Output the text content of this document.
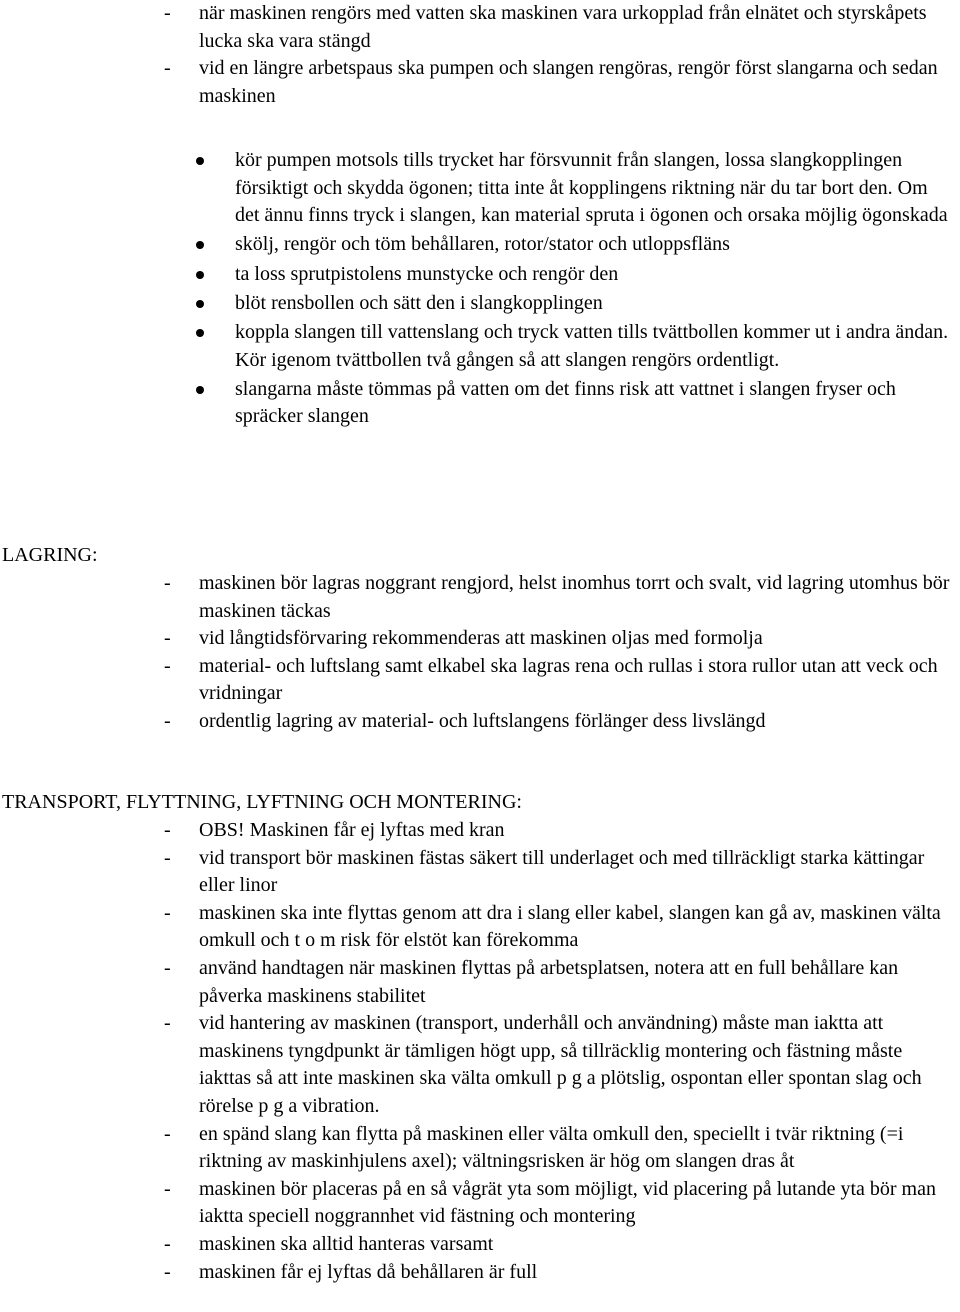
- när maskinen rengörs med vatten ska maskinen vara urkopplad från elnätet och styrskåpets lucka ska vara stängd
- vid en längre arbetspaus ska pumpen och slangen rengöras, rengör först slangarna och sedan maskinen
kör pumpen motsols tills trycket har försvunnit från slangen, lossa slangkopplingen försiktigt och skydda ögonen; titta inte åt kopplingens riktning när du tar bort den. Om det ännu finns tryck i slangen, kan material spruta i ögonen och orsaka möjlig ögonskada
skölj, rengör och töm behållaren, rotor/stator och utloppsfläns
ta loss sprutpistolens munstycke och rengör den
blöt rensbollen och sätt den i slangkopplingen
koppla slangen till vattenslang och tryck vatten tills tvättbollen kommer ut i andra ändan. Kör igenom tvättbollen två gången så att slangen rengörs ordentligt.
slangarna måste tömmas på vatten om det finns risk att vattnet i slangen fryser och spräcker slangen
LAGRING:
- maskinen bör lagras noggrant rengjord, helst inomhus torrt och svalt, vid lagring utomhus bör maskinen täckas
- vid långtidsförvaring rekommenderas att maskinen oljas med formolja
- material- och luftslang samt elkabel ska lagras rena och rullas i stora rullor utan att veck och vridningar
- ordentlig lagring av material- och luftslangens förlänger dess livslängd
TRANSPORT, FLYTTNING, LYFTNING OCH MONTERING:
- OBS! Maskinen får ej lyftas med kran
- vid transport bör maskinen fästas säkert till underlaget och med tillräckligt starka kättingar eller linor
- maskinen ska inte flyttas genom att dra i slang eller kabel, slangen kan gå av, maskinen välta omkull och t o m risk för elstöt kan förekomma
- använd handtagen när maskinen flyttas på arbetsplatsen, notera att en full behållare kan påverka maskinens stabilitet
- vid hantering av maskinen (transport, underhåll och användning) måste man iaktta att maskinens tyngdpunkt är tämligen högt upp, så tillräcklig montering och fästning måste iakttas så att inte maskinen ska välta omkull p g a plötslig, ospontan eller spontan slag och rörelse p g a vibration.
- en spänd slang kan flytta på maskinen eller välta omkull den, speciellt i tvär riktning (=i riktning av maskinhjulens axel); vältningsrisken är hög om slangen dras åt
- maskinen bör placeras på en så vågrät yta som möjligt, vid placering på lutande yta bör man iaktta speciell noggrannhet vid fästning och montering
- maskinen ska alltid hanteras varsamt
- maskinen får ej lyftas då behållaren är full
